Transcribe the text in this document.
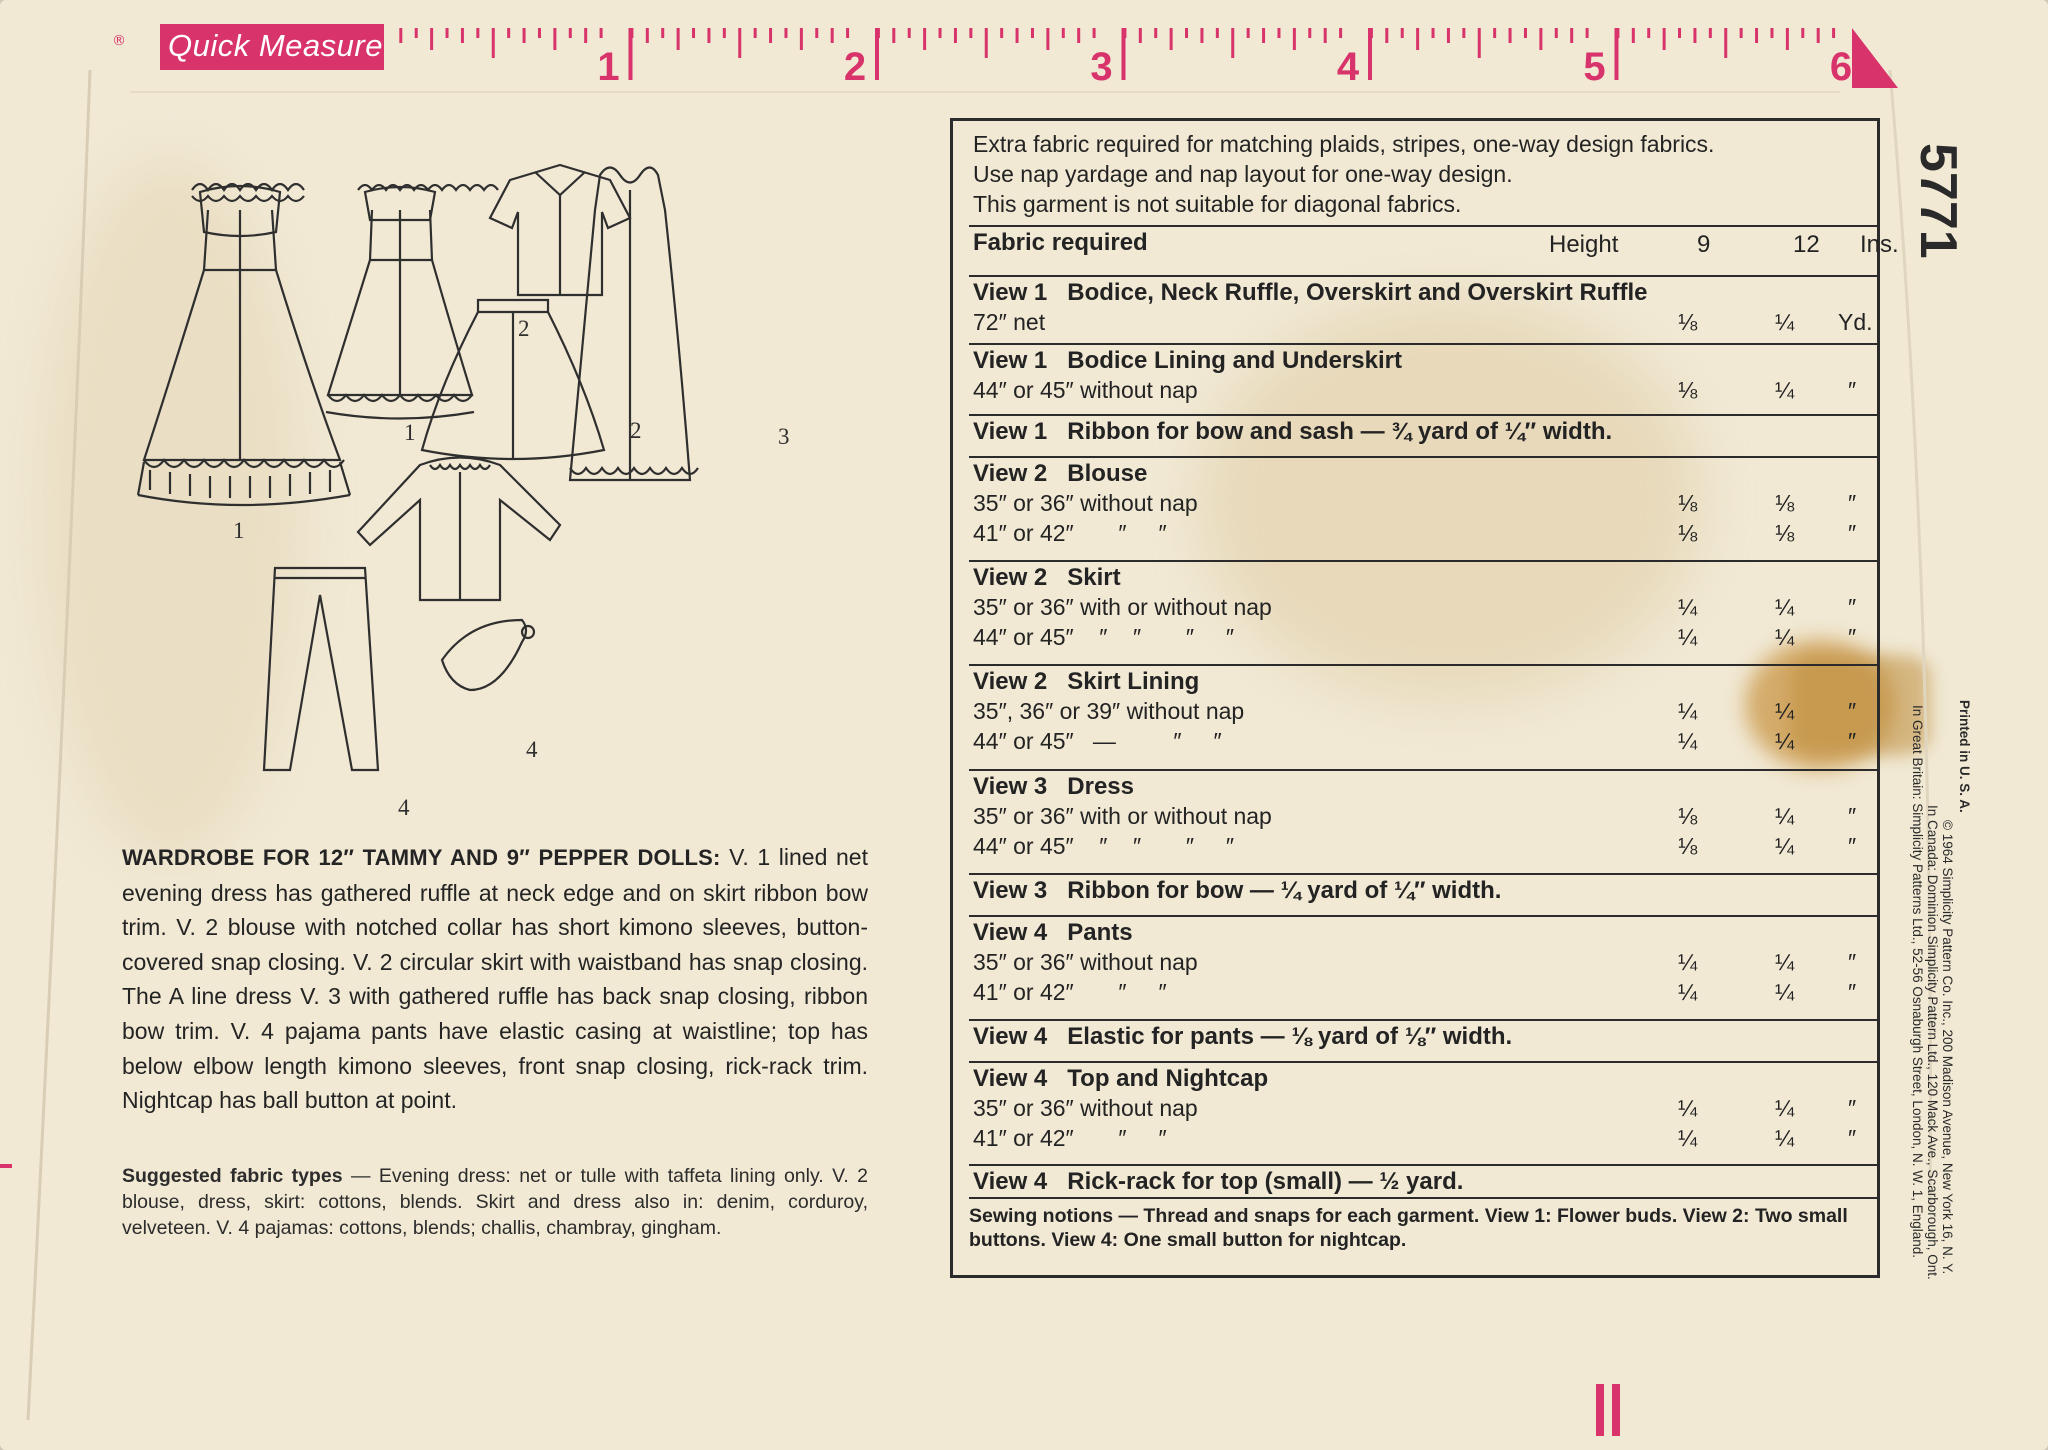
® Quick Measure	1	2	3	4	5	6
1
1
2
2	3
4
4
WARDROBE FOR 12″ TAMMY AND 9″ PEPPER DOLLS: V. 1 lined net evening dress has gathered ruffle at neck edge and on skirt ribbon bow trim. V. 2 blouse with notched collar has short kimono sleeves, button-covered snap closing. V. 2 circular skirt with waistband has snap closing. The A line dress V. 3 with gathered ruffle has back snap closing, ribbon bow trim. V. 4 pajama pants have elastic casing at waistline; top has below elbow length kimono sleeves, front snap closing, rick-rack trim. Nightcap has ball button at point.
Suggested fabric types — Evening dress: net or tulle with taffeta lining only. V. 2 blouse, dress, skirt: cottons, blends. Skirt and dress also in: denim, corduroy, velveteen. V. 4 pajamas: cottons, blends; challis, chambray, gingham.
Extra fabric required for matching plaids, stripes, one-way design fabrics.
Use nap yardage and nap layout for one-way design.
This garment is not suitable for diagonal fabrics.
Fabric required	Height	9	12 Ins.
View 1   Bodice, Neck Ruffle, Overskirt and Overskirt Ruffle
72″ net	⅛	¼ Yd.
View 1   Bodice Lining and Underskirt
44″ or 45″ without nap	⅛	¼ ″
View 1   Ribbon for bow and sash — ¾ yard of ¼″ width.
View 2   Blouse
35″ or 36″ without nap	⅛	⅛ ″
41″ or 42″       ″     ″	⅛	⅛ ″
View 2   Skirt
35″ or 36″ with or without nap	¼	¼ ″
44″ or 45″    ″    ″       ″     ″	¼	¼ ″
View 2   Skirt Lining
35″, 36″ or 39″ without nap	¼	¼ ″
44″ or 45″   —         ″     ″	¼	¼ ″
View 3   Dress
35″ or 36″ with or without nap	⅛	¼ ″
44″ or 45″    ″    ″       ″     ″	⅛	¼ ″
View 3   Ribbon for bow — ¼ yard of ¼″ width.
View 4   Pants
35″ or 36″ without nap	¼	¼ ″
41″ or 42″       ″     ″	¼	¼ ″
View 4   Elastic for pants — ⅛ yard of ⅛″ width.
View 4   Top and Nightcap
35″ or 36″ without nap	¼	¼ ″
41″ or 42″       ″     ″	¼	¼ ″
View 4   Rick-rack for top (small) — ½ yard.
Sewing notions — Thread and snaps for each garment. View 1: Flower buds. View 2: Two small buttons. View 4: One small button for nightcap.
5771
Printed in U. S. A.
© 1964 Simplicity Pattern Co. Inc., 200 Madison Avenue, New York 16, N. Y.
In Canada: Dominion Simplicity Pattern Ltd., 120 Mack Ave., Scarborough, Ont.
In Great Britain: Simplicity Patterns Ltd., 52-56 Osnaburgh Street, London, N. W. 1, England.
